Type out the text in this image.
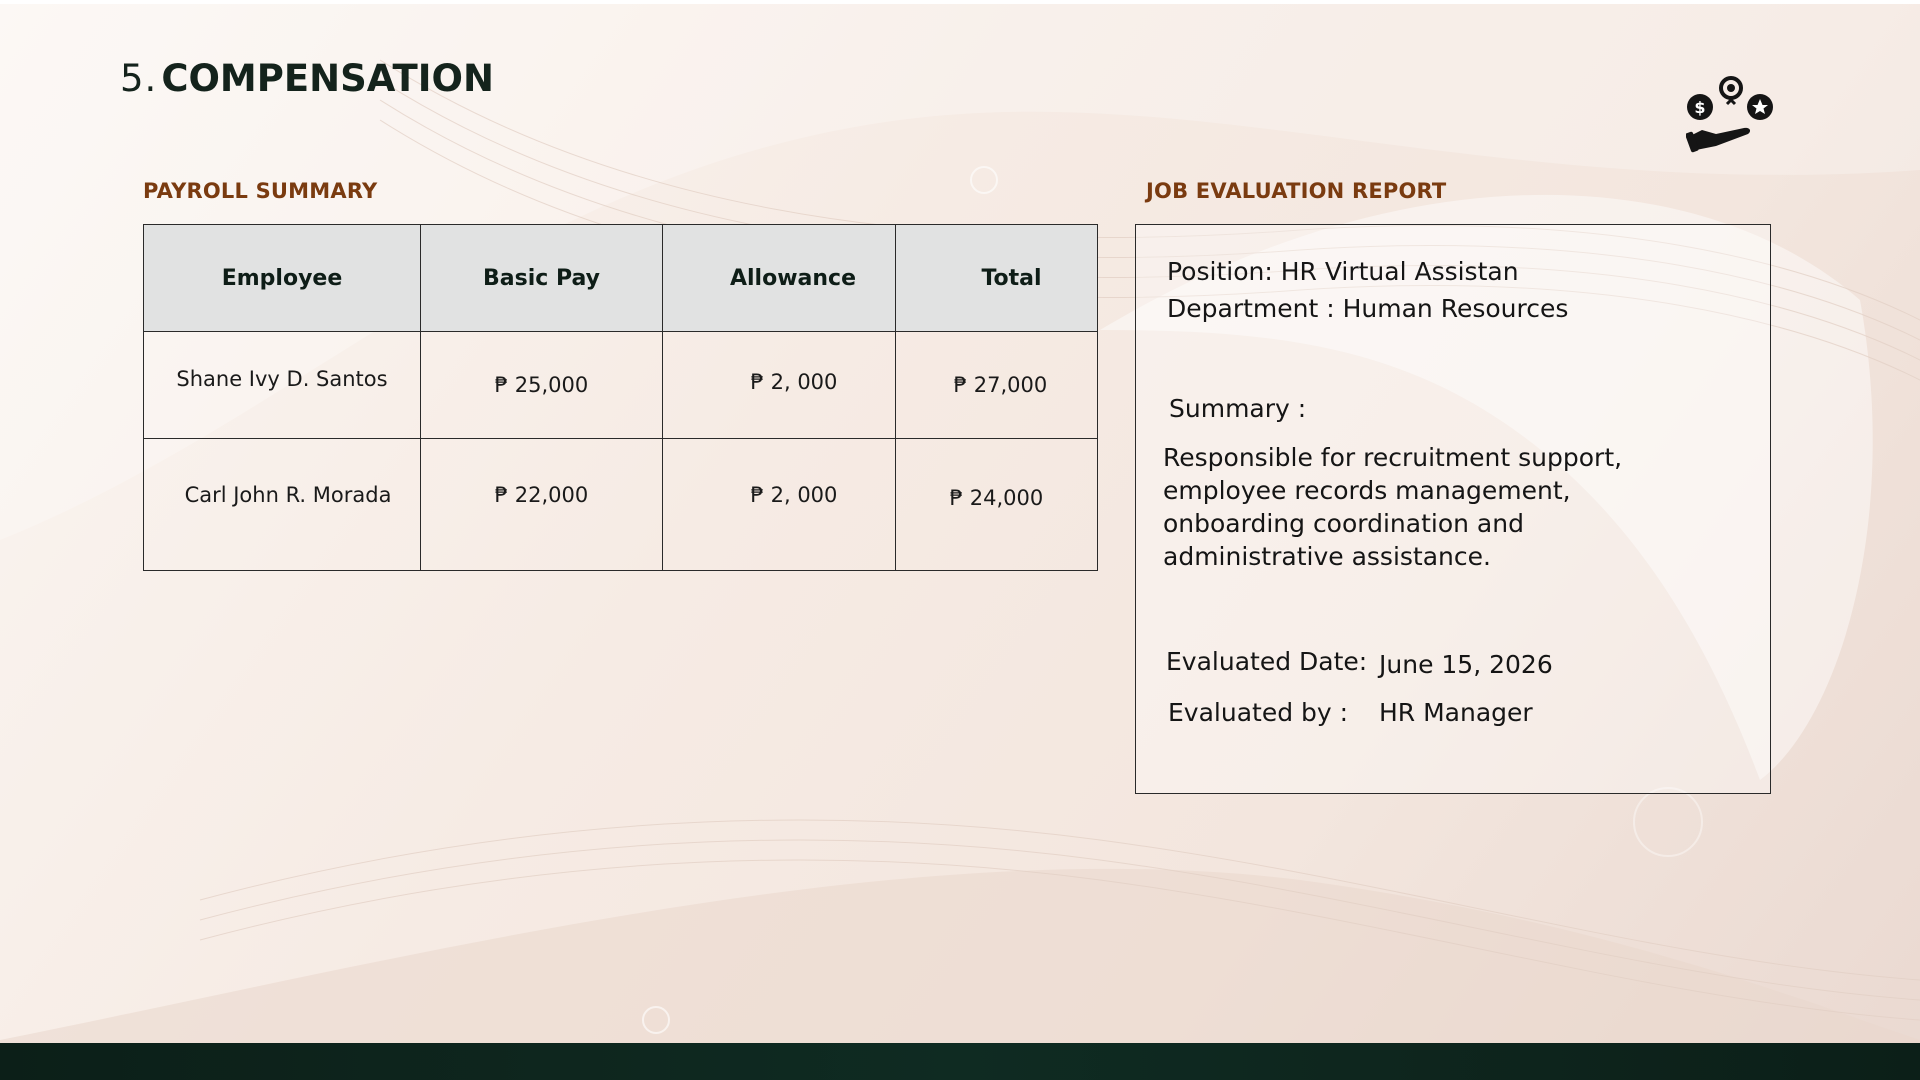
5. COMPENSATION
$
PAYROLL SUMMARY
Employee	Basic Pay	Allowance	Total
Shane Ivy D. Santos	₱ 25,000	₱ 2, 000	₱ 27,000
Carl John R. Morada	₱ 22,000	₱ 2, 000	₱ 24,000
JOB EVALUATION REPORT

Position: HR Virtual Assistan

Department : Human Resources

Summary :

Responsible for recruitment support, employee records management, onboarding coordination and administrative assistance.

Evaluated Date: June 15, 2026

Evaluated by : HR Manager
